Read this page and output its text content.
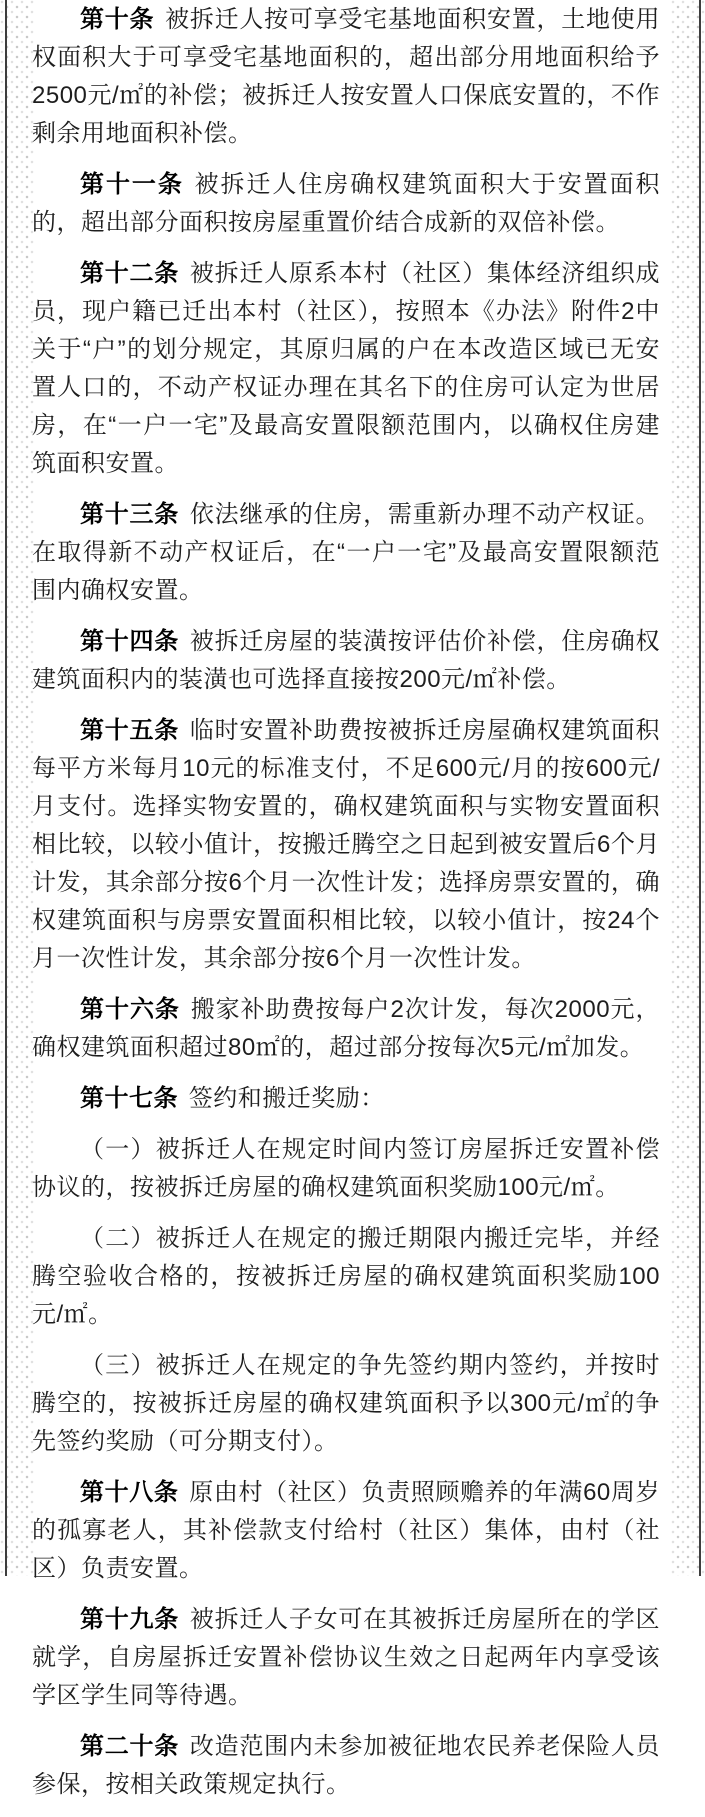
第十条 被拆迁人按可享受宅基地面积安置，土地使用权面积大于可享受宅基地面积的，超出部分用地面积给予2500元/㎡的补偿；被拆迁人按安置人口保底安置的，不作剩余用地面积补偿。

第十一条 被拆迁人住房确权建筑面积大于安置面积的，超出部分面积按房屋重置价结合成新的双倍补偿。

第十二条 被拆迁人原系本村（社区）集体经济组织成员，现户籍已迁出本村（社区），按照本《办法》附件2中关于“户”的划分规定，其原归属的户在本改造区域已无安置人口的，不动产权证办理在其名下的住房可认定为世居房，在“一户一宅”及最高安置限额范围内，以确权住房建筑面积安置。

第十三条 依法继承的住房，需重新办理不动产权证。在取得新不动产权证后，在“一户一宅”及最高安置限额范围内确权安置。

第十四条 被拆迁房屋的装潢按评估价补偿，住房确权建筑面积内的装潢也可选择直接按200元/㎡补偿。

第十五条 临时安置补助费按被拆迁房屋确权建筑面积每平方米每月10元的标准支付，不足600元/月的按600元/月支付。选择实物安置的，确权建筑面积与实物安置面积相比较，以较小值计，按搬迁腾空之日起到被安置后6个月计发，其余部分按6个月一次性计发；选择房票安置的，确权建筑面积与房票安置面积相比较，以较小值计，按24个月一次性计发，其余部分按6个月一次性计发。

第十六条 搬家补助费按每户2次计发，每次2000元，确权建筑面积超过80㎡的，超过部分按每次5元/㎡加发。

第十七条 签约和搬迁奖励：

（一）被拆迁人在规定时间内签订房屋拆迁安置补偿协议的，按被拆迁房屋的确权建筑面积奖励100元/㎡。

（二）被拆迁人在规定的搬迁期限内搬迁完毕，并经腾空验收合格的，按被拆迁房屋的确权建筑面积奖励100元/㎡。

（三）被拆迁人在规定的争先签约期内签约，并按时腾空的，按被拆迁房屋的确权建筑面积予以300元/㎡的争先签约奖励（可分期支付）。

第十八条 原由村（社区）负责照顾赡养的年满60周岁的孤寡老人，其补偿款支付给村（社区）集体，由村（社区）负责安置。

第十九条 被拆迁人子女可在其被拆迁房屋所在的学区就学，自房屋拆迁安置补偿协议生效之日起两年内享受该学区学生同等待遇。

第二十条 改造范围内未参加被征地农民养老保险人员参保，按相关政策规定执行。
